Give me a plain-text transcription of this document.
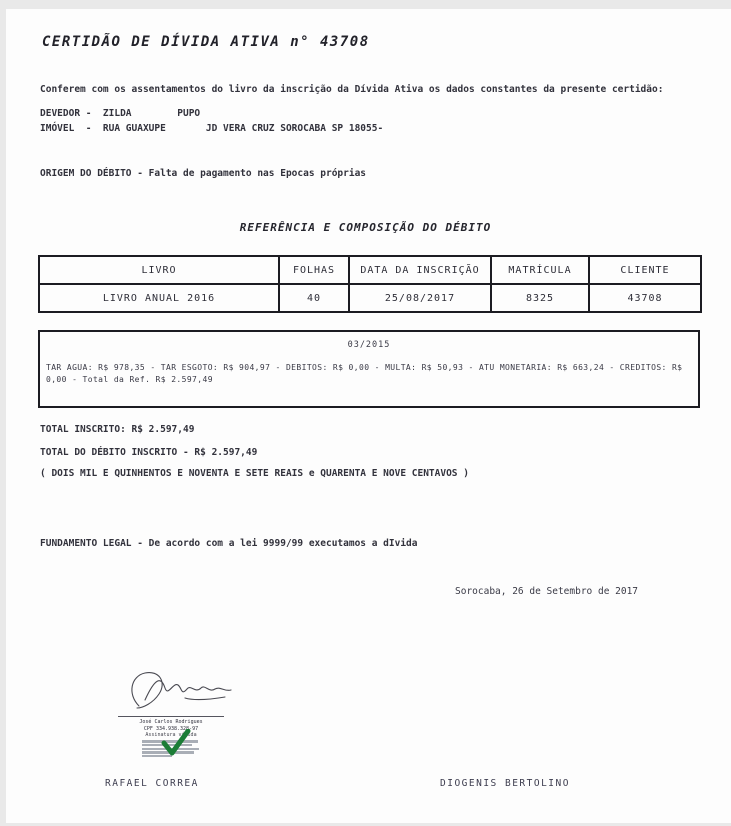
CERTIDÃO DE DÍVIDA ATIVA n° 43708
Conferem com os assentamentos do livro da inscrição da Dívida Ativa os dados constantes da presente certidão:
DEVEDOR -  ZILDA        PUPO
IMÓVEL  -  RUA GUAXUPE       JD VERA CRUZ SOROCABA SP 18055-
ORIGEM DO DÉBITO - Falta de pagamento nas Epocas próprias
REFERÊNCIA E COMPOSIÇÃO DO DÉBITO
LIVRO	FOLHAS	DATA DA INSCRIÇÃO	MATRÍCULA	CLIENTE
LIVRO ANUAL 2016	40	25/08/2017	8325	43708
03/2015
TAR AGUA: R$ 978,35 - TAR ESGOTO: R$ 904,97 - DEBITOS: R$ 0,00 - MULTA: R$ 50,93 - ATU MONETARIA: R$ 663,24 - CREDITOS: R$ 0,00 - Total da Ref. R$ 2.597,49
TOTAL INSCRITO: R$ 2.597,49
TOTAL DO DÉBITO INSCRITO - R$ 2.597,49
( DOIS MIL E QUINHENTOS E NOVENTA E SETE REAIS e QUARENTA E NOVE CENTAVOS )
FUNDAMENTO LEGAL - De acordo com a lei 9999/99 executamos a dIvida
Sorocaba, 26 de Setembro de 2017
José Carlos Rodrigues
CPF 334.938.328-97
Assinatura válida
RAFAEL CORREA	DIOGENIS BERTOLINO
